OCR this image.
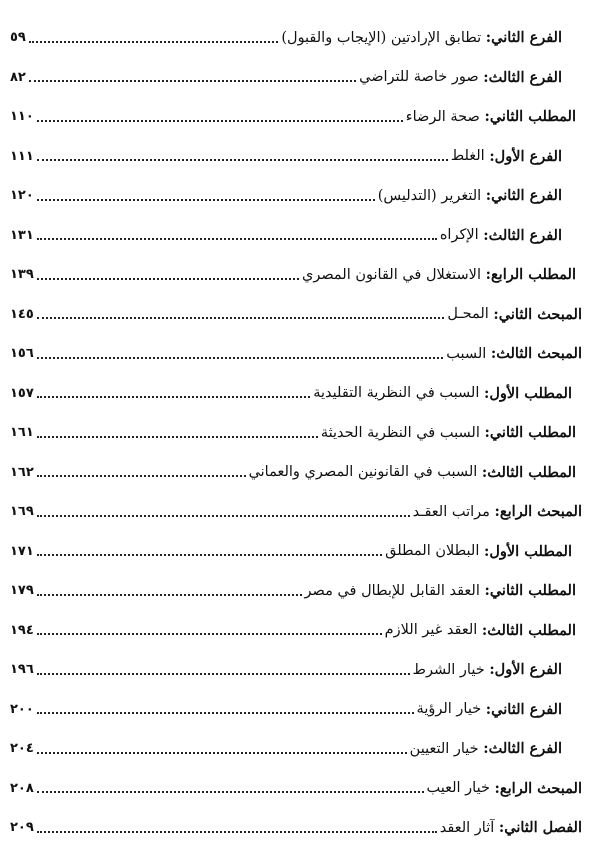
الفرع الثاني
:

تطابق الإرادتين (الإيجاب والقبول)
٥٩
الفرع الثالث
:

صور خاصة للتراضي
٨٢
المطلب الثاني
:

صحة الرضاء
١١٠
الفرع الأول
:

الغلط
١١١
الفرع الثاني
:

التغرير (التدليس)
١٢٠
الفرع الثالث
:

الإكراه
١٣١
المطلب الرابع
:

الاستغلال في القانون المصري
١٣٩
المبحث الثاني
:

المحـل
١٤٥
المبحث الثالث
:

السبب
١٥٦
المطلب الأول
:

السبب في النظرية التقليدية
١٥٧
المطلب الثاني
:

السبب في النظرية الحديثة
١٦١
المطلب الثالث
:

السبب في القانونين المصري والعماني
١٦٢
المبحث الرابع
:

مراتب العقـد
١٦٩
المطلب الأول
:

البطلان المطلق
١٧١
المطلب الثاني
:

العقد القابل للإبطال في مصر
١٧٩
المطلب الثالث
:

العقد غير اللازم
١٩٤
الفرع الأول
:

خيار الشرط
١٩٦
الفرع الثاني
:

خيار الرؤية
٢٠٠
الفرع الثالث
:

خيار التعيين
٢٠٤
المبحث الرابع
:

خيار العيب
٢٠٨
الفصل الثاني
:

آثار العقد
٢٠٩
